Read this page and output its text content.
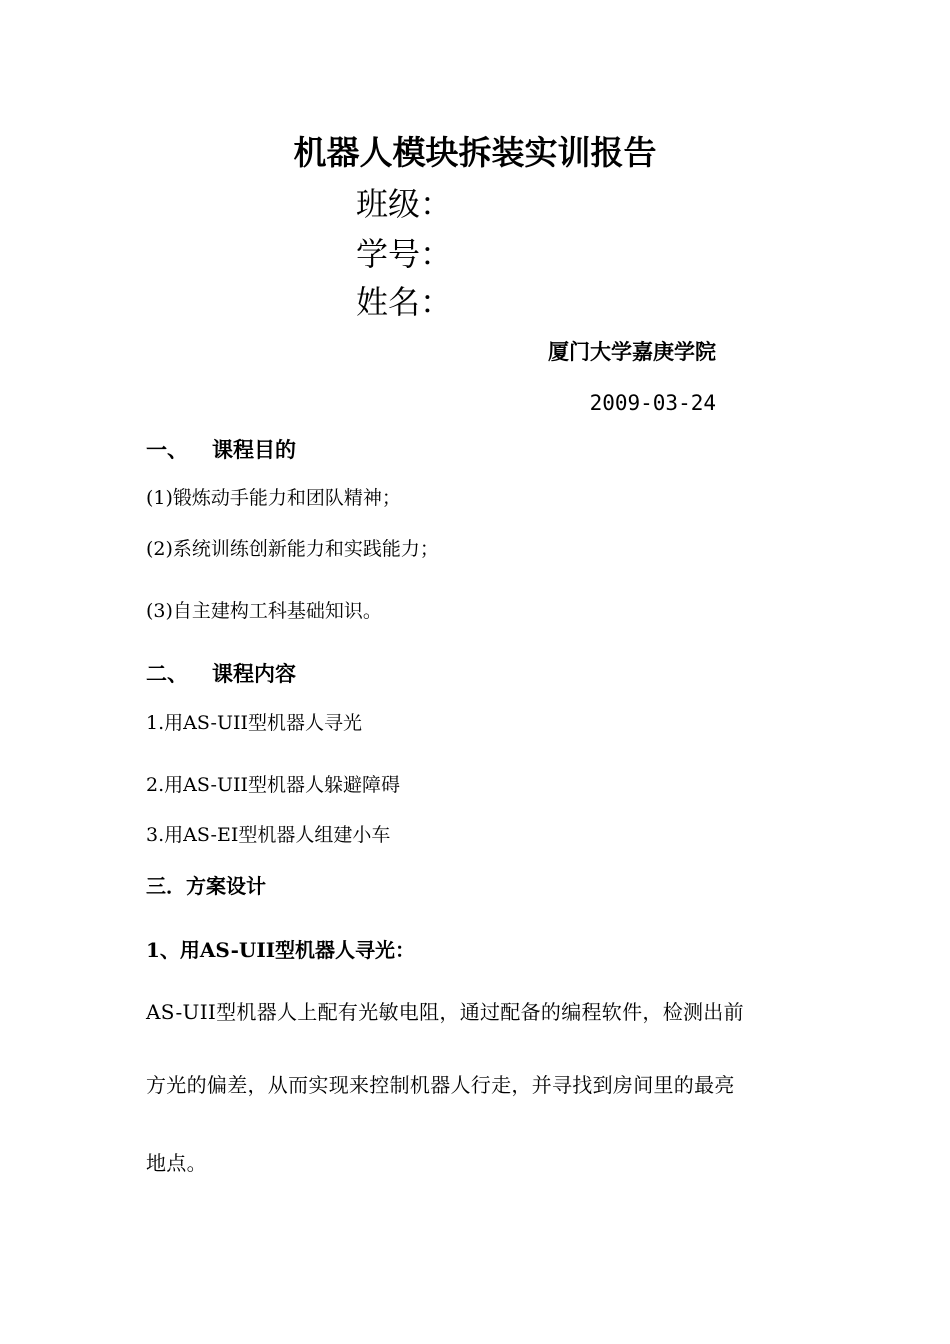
机器人模块拆装实训报告
班级：
学号：
姓名：
厦门大学嘉庚学院
2009-03-24
一、 课程目的
(1)锻炼动手能力和团队精神；
(2)系统训练创新能力和实践能力；
(3)自主建构工科基础知识。
二、 课程内容
1.用AS-UII型机器人寻光
2.用AS-UII型机器人躲避障碍
3.用AS-EI型机器人组建小车
三．方案设计
1、用AS-UII型机器人寻光：
AS-UII型机器人上配有光敏电阻，通过配备的编程软件，检测出前
方光的偏差，从而实现来控制机器人行走，并寻找到房间里的最亮
地点。
